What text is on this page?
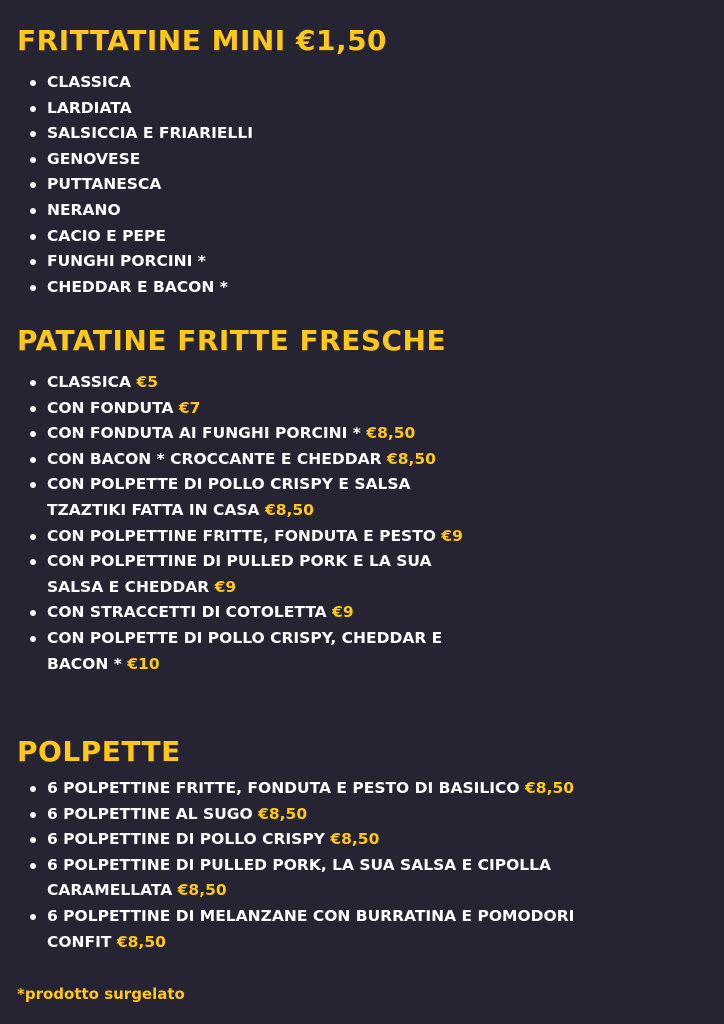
FRITTATINE MINI €1,50
CLASSICA
LARDIATA
SALSICCIA E FRIARIELLI
GENOVESE
PUTTANESCA
NERANO
CACIO E PEPE
FUNGHI PORCINI *
CHEDDAR E BACON *
PATATINE FRITTE FRESCHE
CLASSICA €5
CON FONDUTA €7
CON FONDUTA AI FUNGHI PORCINI * €8,50
CON BACON * CROCCANTE E CHEDDAR €8,50
CON POLPETTE DI POLLO CRISPY E SALSA
TZAZTIKI FATTA IN CASA €8,50
CON POLPETTINE FRITTE, FONDUTA E PESTO €9
CON POLPETTINE DI PULLED PORK E LA SUA
SALSA E CHEDDAR €9
CON STRACCETTI DI COTOLETTA €9
CON POLPETTE DI POLLO CRISPY, CHEDDAR E
BACON * €10
POLPETTE
6 POLPETTINE FRITTE, FONDUTA E PESTO DI BASILICO €8,50
6 POLPETTINE AL SUGO €8,50
6 POLPETTINE DI POLLO CRISPY €8,50
6 POLPETTINE DI PULLED PORK, LA SUA SALSA E CIPOLLA
CARAMELLATA €8,50
6 POLPETTINE DI MELANZANE CON BURRATINA E POMODORI
CONFIT €8,50

*prodotto surgelato
